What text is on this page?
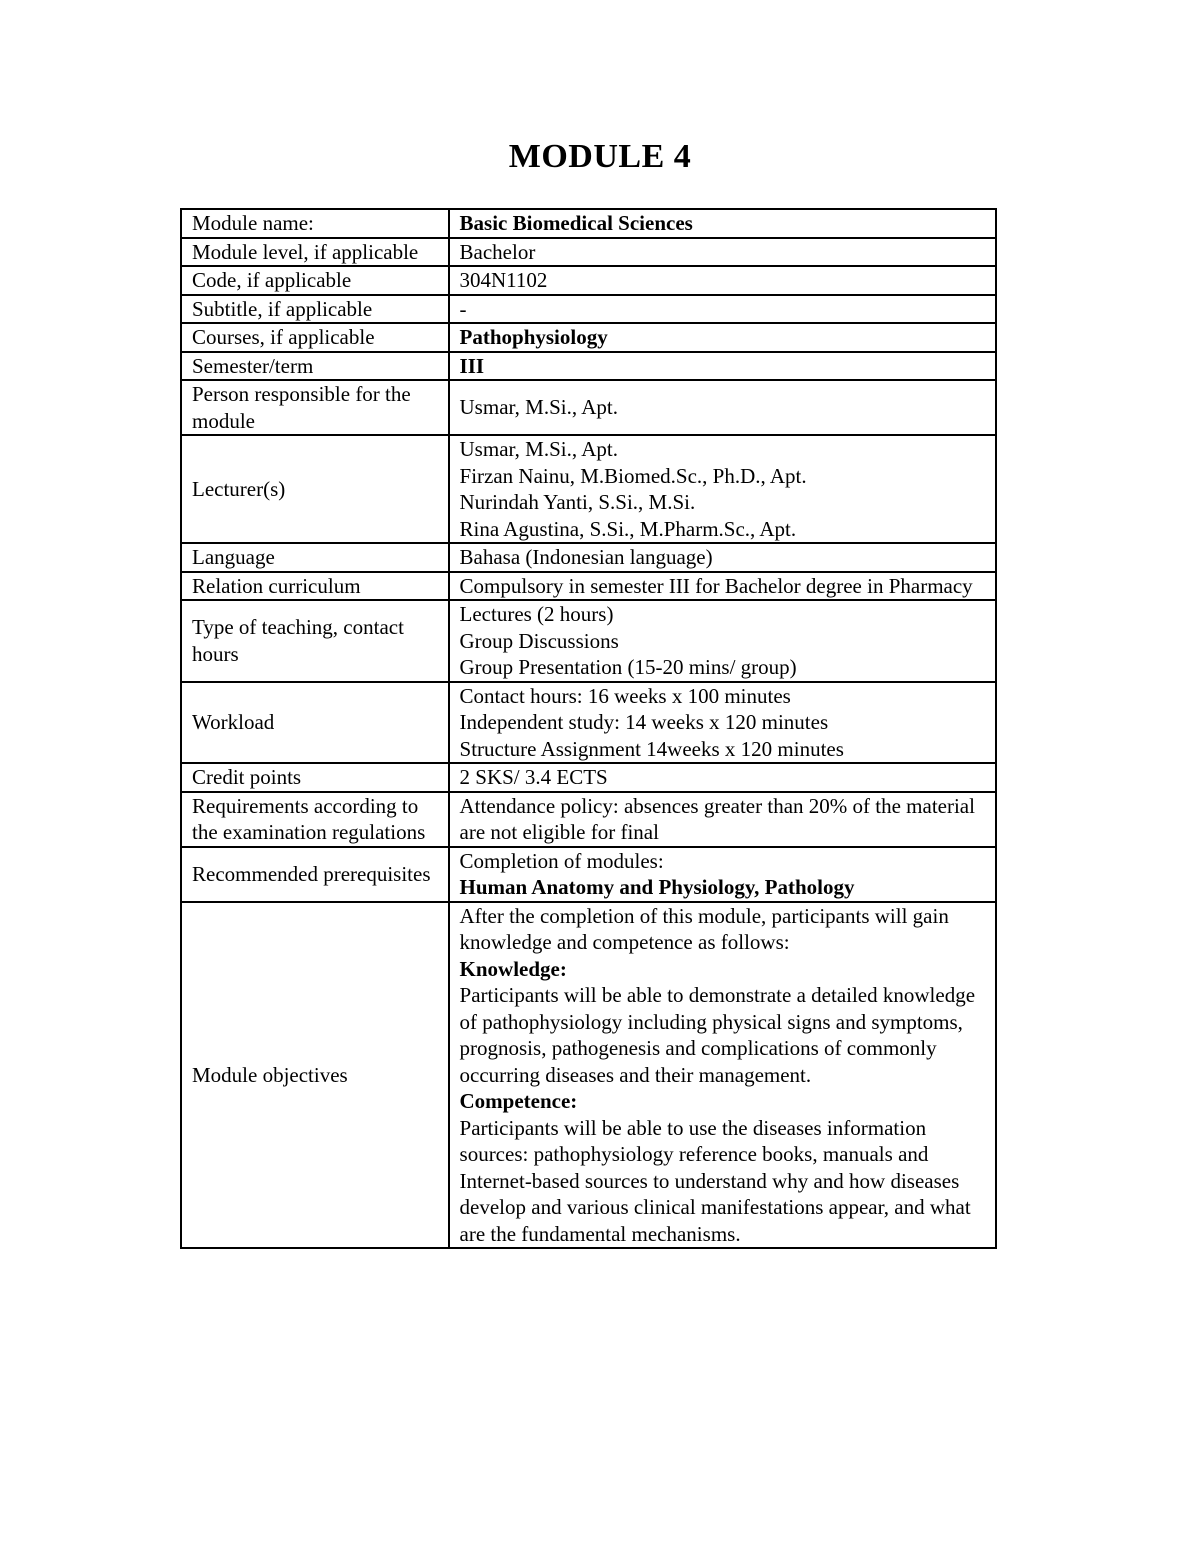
MODULE 4
Module name:	Basic Biomedical Sciences
Module level, if applicable	Bachelor
Code, if applicable	304N1102
Subtitle, if applicable	-
Courses, if applicable	Pathophysiology
Semester/term	III
Person responsible for the module	Usmar, M.Si., Apt.
Lecturer(s)	Usmar, M.Si., Apt.
Firzan Nainu, M.Biomed.Sc., Ph.D., Apt.
Nurindah Yanti, S.Si., M.Si.
Rina Agustina, S.Si., M.Pharm.Sc., Apt.

Language	Bahasa (Indonesian language)
Relation curriculum	Compulsory in semester III for Bachelor degree in Pharmacy
Type of teaching, contact hours	Lectures (2 hours)
Group Discussions
Group Presentation (15-20 mins/ group)

Workload	Contact hours: 16 weeks x 100 minutes
Independent study: 14 weeks x 120 minutes
Structure Assignment 14weeks x 120 minutes

Credit points	2 SKS/ 3.4 ECTS
Requirements according to the examination regulations	Attendance policy: absences greater than 20% of the material are not eligible for final
Recommended prerequisites	Completion of modules:
Human Anatomy and Physiology, Pathology

Module objectives	After the completion of this module, participants will gain knowledge and competence as follows:
Knowledge:
Participants will be able to demonstrate a detailed knowledge of pathophysiology including physical signs and symptoms, prognosis, pathogenesis and complications of commonly occurring diseases and their management.
Competence:
Participants will be able to use the diseases information sources: pathophysiology reference books, manuals and Internet-based sources to understand why and how diseases develop and various clinical manifestations appear, and what are the fundamental mechanisms.
